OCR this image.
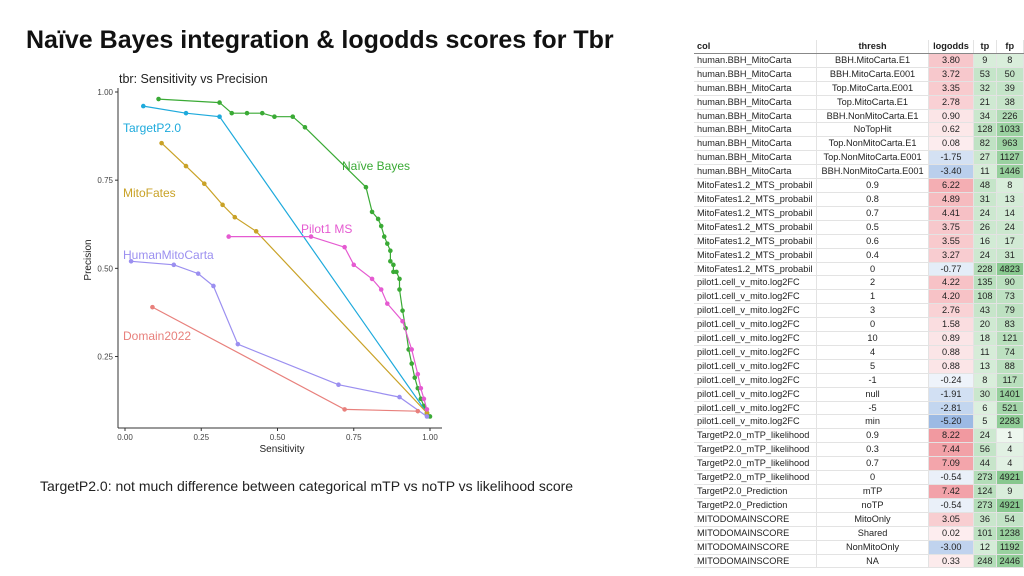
Naïve Bayes integration & logodds scores for Tbr
tbr: Sensitivity vs Precision
0.00	0.25	0.50	0.75	1.00
0.25
0.50
0.75
1.00
TargetP2.0
Naïve Bayes
MitoFates
Pilot1 MS
HumanMitoCarta
Domain2022
Sensitivity
Precision
TargetP2.0: not much difference between categorical mTP vs noTP vs likelihood score
col	thresh	logodds	tp	fp
human.BBH_MitoCarta	BBH.MitoCarta.E1	3.80	9	8
human.BBH_MitoCarta	BBH.MitoCarta.E001	3.72	53	50
human.BBH_MitoCarta	Top.MitoCarta.E001	3.35	32	39
human.BBH_MitoCarta	Top.MitoCarta.E1	2.78	21	38
human.BBH_MitoCarta	BBH.NonMitoCarta.E1	0.90	34	226
human.BBH_MitoCarta	NoTopHit	0.62	128	1033
human.BBH_MitoCarta	Top.NonMitoCarta.E1	0.08	82	963
human.BBH_MitoCarta	Top.NonMitoCarta.E001	-1.75	27	1127
human.BBH_MitoCarta	BBH.NonMitoCarta.E001	-3.40	11	1446
MitoFates1.2_MTS_probabil	0.9	6.22	48	8
MitoFates1.2_MTS_probabil	0.8	4.89	31	13
MitoFates1.2_MTS_probabil	0.7	4.41	24	14
MitoFates1.2_MTS_probabil	0.5	3.75	26	24
MitoFates1.2_MTS_probabil	0.6	3.55	16	17
MitoFates1.2_MTS_probabil	0.4	3.27	24	31
MitoFates1.2_MTS_probabil	0	-0.77	228	4823
pilot1.cell_v_mito.log2FC	2	4.22	135	90
pilot1.cell_v_mito.log2FC	1	4.20	108	73
pilot1.cell_v_mito.log2FC	3	2.76	43	79
pilot1.cell_v_mito.log2FC	0	1.58	20	83
pilot1.cell_v_mito.log2FC	10	0.89	18	121
pilot1.cell_v_mito.log2FC	4	0.88	11	74
pilot1.cell_v_mito.log2FC	5	0.88	13	88
pilot1.cell_v_mito.log2FC	-1	-0.24	8	117
pilot1.cell_v_mito.log2FC	null	-1.91	30	1401
pilot1.cell_v_mito.log2FC	-5	-2.81	6	521
pilot1.cell_v_mito.log2FC	min	-5.20	5	2283
TargetP2.0_mTP_likelihood	0.9	8.22	24	1
TargetP2.0_mTP_likelihood	0.3	7.44	56	4
TargetP2.0_mTP_likelihood	0.7	7.09	44	4
TargetP2.0_mTP_likelihood	0	-0.54	273	4921
TargetP2.0_Prediction	mTP	7.42	124	9
TargetP2.0_Prediction	noTP	-0.54	273	4921
MITODOMAINSCORE	MitoOnly	3.05	36	54
MITODOMAINSCORE	Shared	0.02	101	1238
MITODOMAINSCORE	NonMitoOnly	-3.00	12	1192
MITODOMAINSCORE	NA	0.33	248	2446
